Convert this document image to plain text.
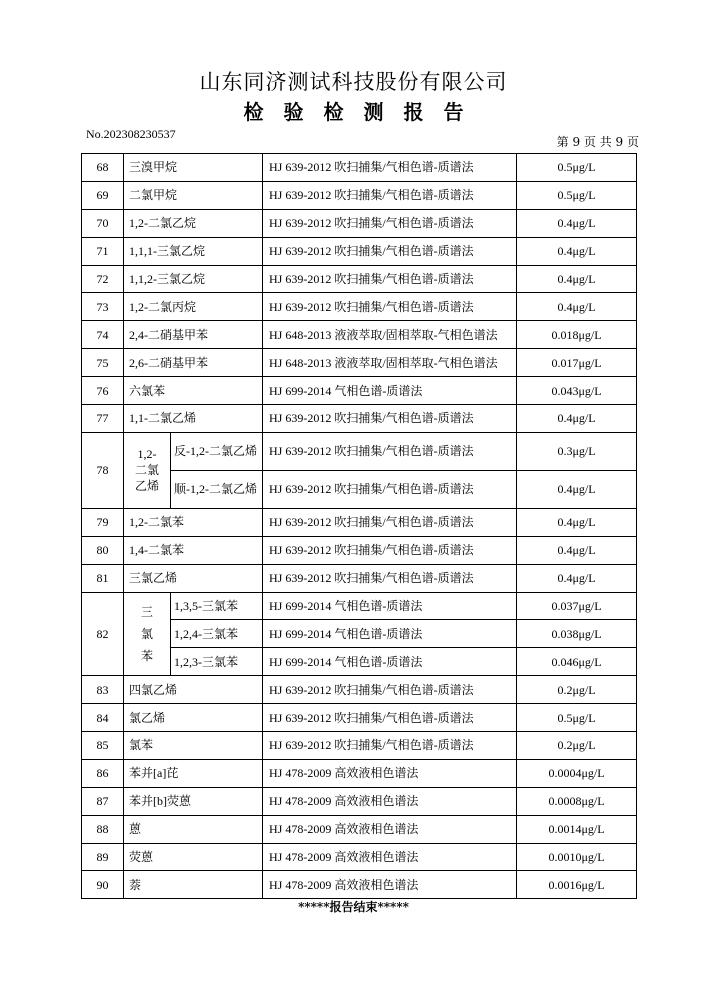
山东同济测试科技股份有限公司
检验检测报告
No.202308230537
第 9 页 共 9 页
68	三溴甲烷		HJ 639-2012 吹扫捕集/气相色谱-质谱法	0.5μg/L
69	二氯甲烷		HJ 639-2012 吹扫捕集/气相色谱-质谱法	0.5μg/L
70	1,2-二氯乙烷		HJ 639-2012 吹扫捕集/气相色谱-质谱法	0.4μg/L
71	1,1,1-三氯乙烷		HJ 639-2012 吹扫捕集/气相色谱-质谱法	0.4μg/L
72	1,1,2-三氯乙烷		HJ 639-2012 吹扫捕集/气相色谱-质谱法	0.4μg/L
73	1,2-二氯丙烷		HJ 639-2012 吹扫捕集/气相色谱-质谱法	0.4μg/L
74	2,4-二硝基甲苯		HJ 648-2013 液液萃取/固相萃取-气相色谱法	0.018μg/L
75	2,6-二硝基甲苯		HJ 648-2013 液液萃取/固相萃取-气相色谱法	0.017μg/L
76	六氯苯		HJ 699-2014 气相色谱-质谱法	0.043μg/L
77	1,1-二氯乙烯		HJ 639-2012 吹扫捕集/气相色谱-质谱法	0.4μg/L
78	1,2-二氯乙烯	反-1,2-二氯乙烯	HJ 639-2012 吹扫捕集/气相色谱-质谱法	0.3μg/L
		顺-1,2-二氯乙烯	HJ 639-2012 吹扫捕集/气相色谱-质谱法	0.4μg/L
79	1,2-二氯苯		HJ 639-2012 吹扫捕集/气相色谱-质谱法	0.4μg/L
80	1,4-二氯苯		HJ 639-2012 吹扫捕集/气相色谱-质谱法	0.4μg/L
81	三氯乙烯		HJ 639-2012 吹扫捕集/气相色谱-质谱法	0.4μg/L
82	三氯苯	1,3,5-三氯苯	HJ 699-2014 气相色谱-质谱法	0.037μg/L
		1,2,4-三氯苯	HJ 699-2014 气相色谱-质谱法	0.038μg/L
		1,2,3-三氯苯	HJ 699-2014 气相色谱-质谱法	0.046μg/L
83	四氯乙烯		HJ 639-2012 吹扫捕集/气相色谱-质谱法	0.2μg/L
84	氯乙烯		HJ 639-2012 吹扫捕集/气相色谱-质谱法	0.5μg/L
85	氯苯		HJ 639-2012 吹扫捕集/气相色谱-质谱法	0.2μg/L
86	苯并[a]芘		HJ 478-2009 高效液相色谱法	0.0004μg/L
87	苯并[b]荧蒽		HJ 478-2009 高效液相色谱法	0.0008μg/L
88	蒽		HJ 478-2009 高效液相色谱法	0.0014μg/L
89	荧蒽		HJ 478-2009 高效液相色谱法	0.0010μg/L
90	萘		HJ 478-2009 高效液相色谱法	0.0016μg/L
*****报告结束*****
